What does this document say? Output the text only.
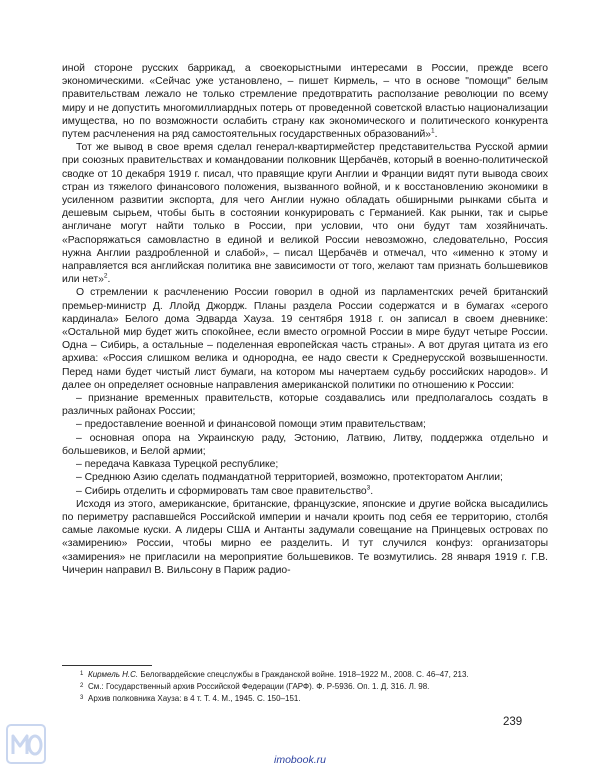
иной стороне русских баррикад, а своекорыстными интересами в России, прежде всего экономическими. «Сейчас уже установлено, – пишет Кирмель, – что в основе "помощи" белым правительствам лежало не только стремление предотвратить расползание революции по всему миру и не допустить многомиллиардных потерь от проведенной советской властью национализации имущества, но по возможности ослабить страну как экономического и политического конкурента путем расчленения на ряд самостоятельных государственных образований»$^1$.

Тот же вывод в свое время сделал генерал-квартирмейстер представительства Русской армии при союзных правительствах и командовании полковник Щербачёв, который в военно-политической сводке от 10 декабря 1919 г. писал, что правящие круги Англии и Франции видят пути вывода своих стран из тяжелого финансового положения, вызванного войной, и к восстановлению экономики в усиленном развитии экспорта, для чего Англии нужно обладать обширными рынками сбыта и дешевым сырьем, чтобы быть в состоянии конкурировать с Германией. Как рынки, так и сырье англичане могут найти только в России, при условии, что они будут там хозяйничать. «Распоряжаться самовластно в единой и великой России невозможно, следовательно, Россия нужна Англии раздробленной и слабой», – писал Щербачёв и отмечал, что «именно к этому и направляется вся английская политика вне зависимости от того, желают там признать большевиков или нет»$^2$.

О стремлении к расчленению России говорил в одной из парламентских речей британский премьер-министр Д. Ллойд Джордж. Планы раздела России содержатся и в бумагах «серого кардинала» Белого дома Эдварда Хауза. 19 сентября 1918 г. он записал в своем дневнике: «Остальной мир будет жить спокойнее, если вместо огромной России в мире будут четыре России. Одна – Сибирь, а остальные – поделенная европейская часть страны». А вот другая цитата из его архива: «Россия слишком велика и однородна, ее надо свести к Среднерусской возвышенности. Перед нами будет чистый лист бумаги, на котором мы начертаем судьбу российских народов». И далее он определяет основные направления американской политики по отношению к России:

– признание временных правительств, которые создавались или предполагалось создать в различных районах России;

– предоставление военной и финансовой помощи этим правительствам;

– основная опора на Украинскую раду, Эстонию, Латвию, Литву, поддержка отдельно и большевиков, и Белой армии;

– передача Кавказа Турецкой республике;

– Среднюю Азию сделать подмандатной территорией, возможно, протекторатом Англии;

– Сибирь отделить и сформировать там свое правительство$^3$.

Исходя из этого, американские, британские, французские, японские и другие войска высадились по периметру распавшейся Российской империи и начали кроить под себя ее территорию, столбя самые лакомые куски. А лидеры США и Антанты задумали совещание на Принцевых островах по «замирению» России, чтобы мирно ее разделить. И тут случился конфуз: организаторы «замирения» не пригласили на мероприятие большевиков. Те возмутились. 28 января 1919 г. Г.В. Чичерин направил В. Вильсону в Париж радио-

1 Кирмель Н.С. Белогвардейские спецслужбы в Гражданской войне. 1918–1922 М., 2008. С. 46–47, 213.
2 См.: Государственный архив Российской Федерации (ГАРФ). Ф. Р-5936. Оп. 1. Д. 316. Л. 98.
3 Архив полковника Хауза: в 4 т. Т. 4. М., 1945. С. 150–151.
239
imobook.ru
